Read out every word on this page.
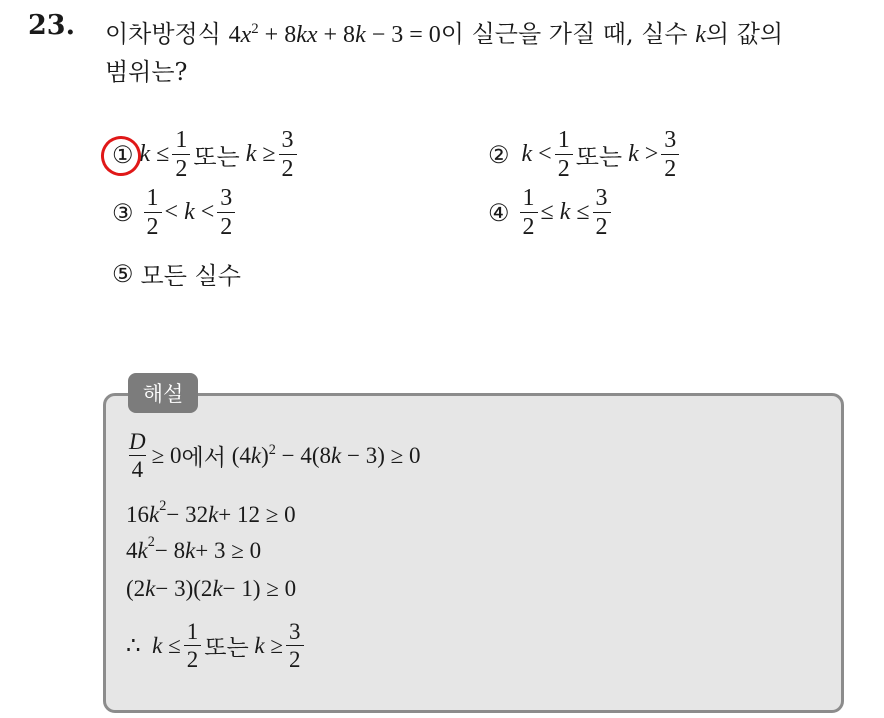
23. 이차방정식 $4x^2 + 8kx + 8k - 3 = 0$이 실근을 가질 때, 실수 k의 값의
범위는?
① $k \le \frac{1}{2}$ 또는 $k \ge \frac{3}{2}$	② $k < \frac{1}{2}$ 또는 $k > \frac{3}{2}$
③ $\frac{1}{2} < k < \frac{3}{2}$	④ $\frac{1}{2} \le k \le \frac{3}{2}$
⑤ 모든 실수
해설
$\frac{D}{4} \ge 0$ 에서 $(4k)^2 - 4(8k - 3) \ge 0$
16 $k^2 - 32$ k + 12 ≥ 0
4 $k^2 - 8$ k + 3 ≥ 0
(2 k − 3)(2 k − 1) ≥ 0
∴  $k \le \frac{1}{2}$ 또는 $k \ge \frac{3}{2}$
